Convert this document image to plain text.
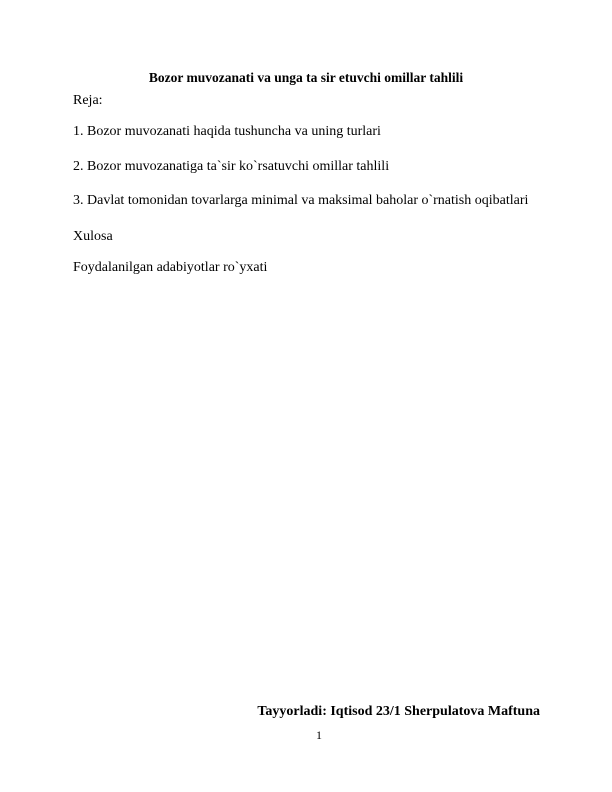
Bozor muvozanati va unga ta sir etuvchi omillar tahlili
Reja:
1. Bozor muvozanati haqida tushuncha va uning turlari
2. Bozor muvozanatiga ta`sir ko`rsatuvchi omillar tahlili
3. Davlat tomonidan tovarlarga minimal va maksimal baholar o`rnatish oqibatlari
Xulosa
Foydalanilgan adabiyotlar ro`yxati
Tayyorladi: Iqtisod 23/1 Sherpulatova Maftuna
1
